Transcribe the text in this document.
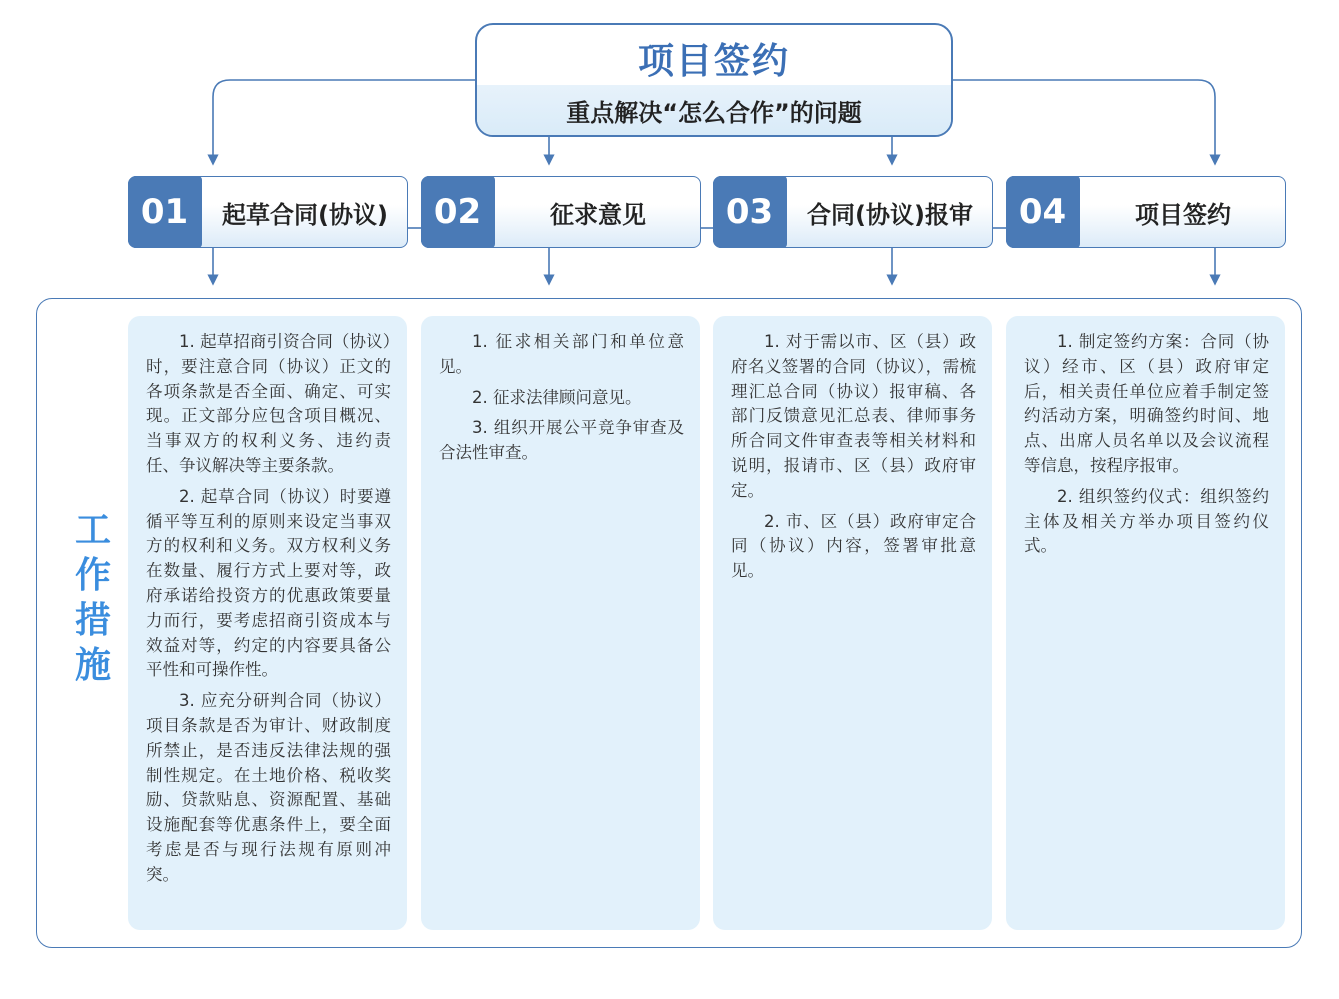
项目签约
重点解决“怎么合作”的问题
01	起草合同(协议)	02	征求意见	03	合同(协议)报审	04	项目签约
工
作
措
施

1. 起草招商引资合同（协议）时，要注意合同（协议）正文的各项条款是否全面、确定、可实现。正文部分应包含项目概况、当事双方的权利义务、违约责任、争议解决等主要条款。

2. 起草合同（协议）时要遵循平等互利的原则来设定当事双方的权利和义务。双方权利义务在数量、履行方式上要对等，政府承诺给投资方的优惠政策要量力而行，要考虑招商引资成本与效益对等，约定的内容要具备公平性和可操作性。

3. 应充分研判合同（协议）项目条款是否为审计、财政制度所禁止，是否违反法律法规的强制性规定。在土地价格、税收奖励、贷款贴息、资源配置、基础设施配套等优惠条件上，要全面考虑是否与现行法规有原则冲突。

1. 征求相关部门和单位意见。

2. 征求法律顾问意见。

3. 组织开展公平竞争审查及合法性审查。

1. 对于需以市、区（县）政府名义签署的合同（协议），需梳理汇总合同（协议）报审稿、各部门反馈意见汇总表、律师事务所合同文件审查表等相关材料和说明，报请市、区（县）政府审定。

2. 市、区（县）政府审定合同（协议）内容，签署审批意见。

1. 制定签约方案：合同（协议）经市、区（县）政府审定后，相关责任单位应着手制定签约活动方案，明确签约时间、地点、出席人员名单以及会议流程等信息，按程序报审。

2. 组织签约仪式：组织签约主体及相关方举办项目签约仪式。
